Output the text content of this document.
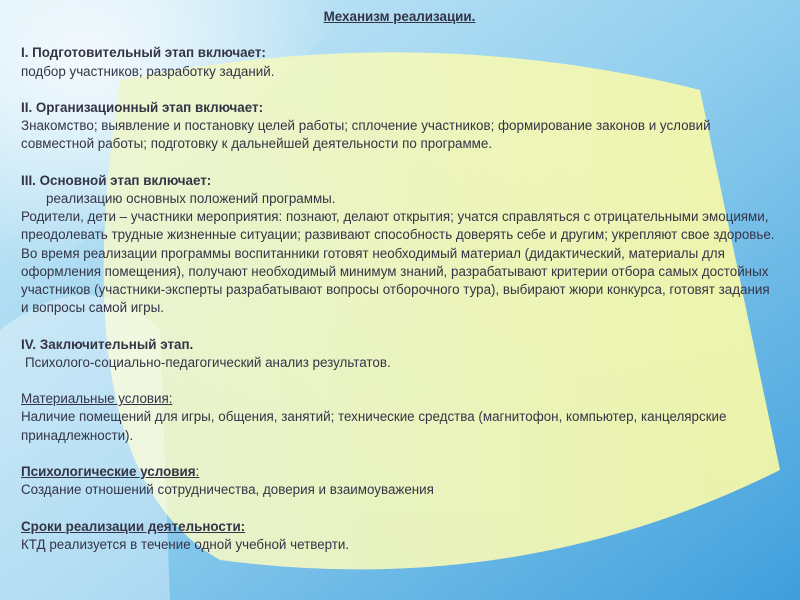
Механизм реализации.

I. Подготовительный этап включает:

подбор участников; разработку заданий.

II. Организационный этап включает:

Знакомство; выявление и постановку целей работы; сплочение участников; формирование законов и условий совместной работы; подготовку к дальнейшей деятельности по программе.

III. Основной этап включает:

реализацию основных положений программы.

Родители, дети – участники мероприятия: познают, делают открытия; учатся справляться с отрицательными эмоциями, преодолевать трудные жизненные ситуации; развивают способность доверять себе и другим; укрепляют свое здоровье.

Во время реализации программы воспитанники готовят необходимый материал (дидактический, материалы для оформления помещения), получают необходимый минимум знаний, разрабатывают критерии отбора самых достойных участников (участники-эксперты разрабатывают вопросы отборочного тура), выбирают жюри конкурса, готовят задания и вопросы самой игры.

IV. Заключительный этап.

Психолого-социально-педагогический анализ результатов.

Материальные условия:

Наличие помещений для игры, общения, занятий; технические средства (магнитофон, компьютер, канцелярские принадлежности).

Психологические условия:

Создание отношений сотрудничества, доверия и взаимоуважения

Сроки реализации деятельности:

КТД реализуется в течение одной учебной четверти.
